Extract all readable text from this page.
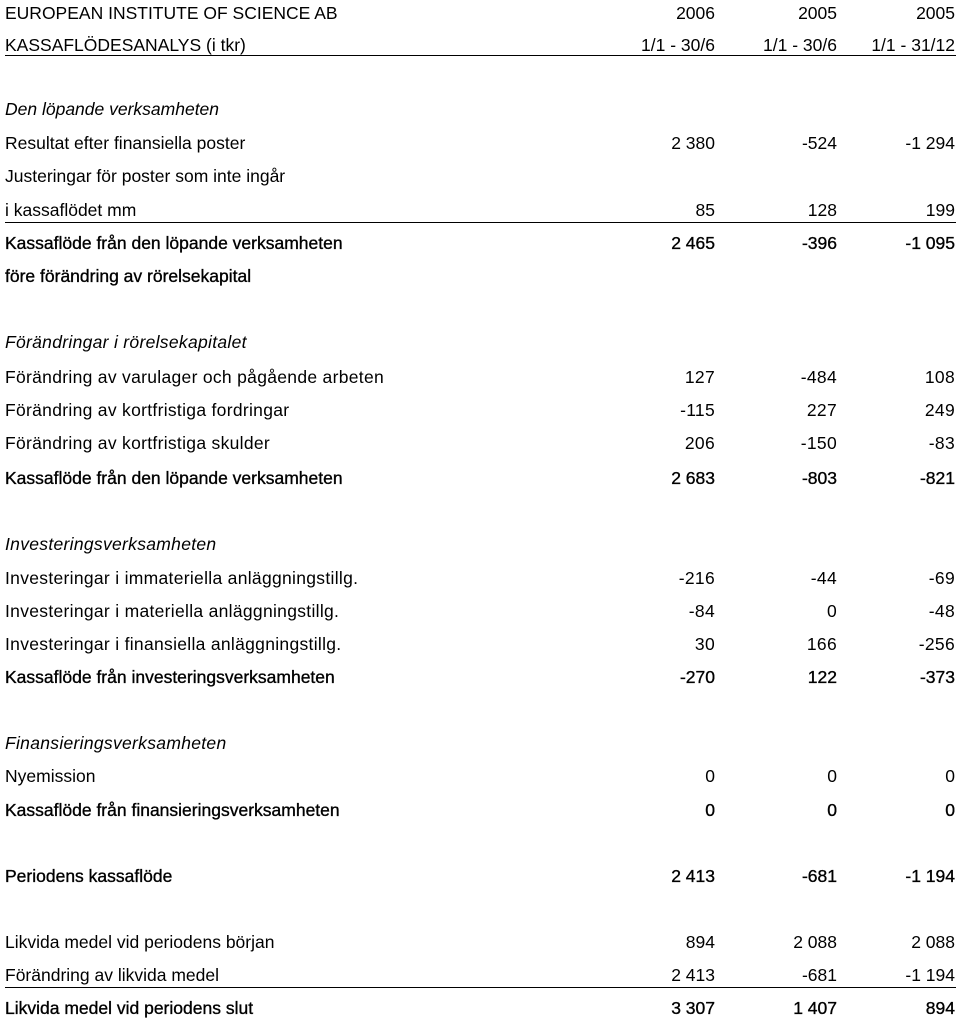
EUROPEAN INSTITUTE OF SCIENCE AB	2006	2005	2005
KASSAFLÖDESANALYS (i tkr)	1/1 - 30/6	1/1 - 30/6	1/1 - 31/12
Den löpande verksamheten
Resultat efter finansiella poster	2 380	-524	-1 294
Justeringar för poster som inte ingår
i kassaflödet mm	85	128	199
Kassaflöde från den löpande verksamheten	2 465	-396	-1 095
före förändring av rörelsekapital
Förändringar i rörelsekapitalet
Förändring av varulager och pågående arbeten	127	-484	108
Förändring av kortfristiga fordringar	-115	227	249
Förändring av kortfristiga skulder	206	-150	-83
Kassaflöde från den löpande verksamheten	2 683	-803	-821
Investeringsverksamheten
Investeringar i immateriella anläggningstillg.	-216	-44	-69
Investeringar i materiella anläggningstillg.	-84	0	-48
Investeringar i finansiella anläggningstillg.	30	166	-256
Kassaflöde från investeringsverksamheten	-270	122	-373
Finansieringsverksamheten
Nyemission	0	0	0
Kassaflöde från finansieringsverksamheten	0	0	0
Periodens kassaflöde	2 413	-681	-1 194
Likvida medel vid periodens början	894	2 088	2 088
Förändring av likvida medel	2 413	-681	-1 194
Likvida medel vid periodens slut	3 307	1 407	894
